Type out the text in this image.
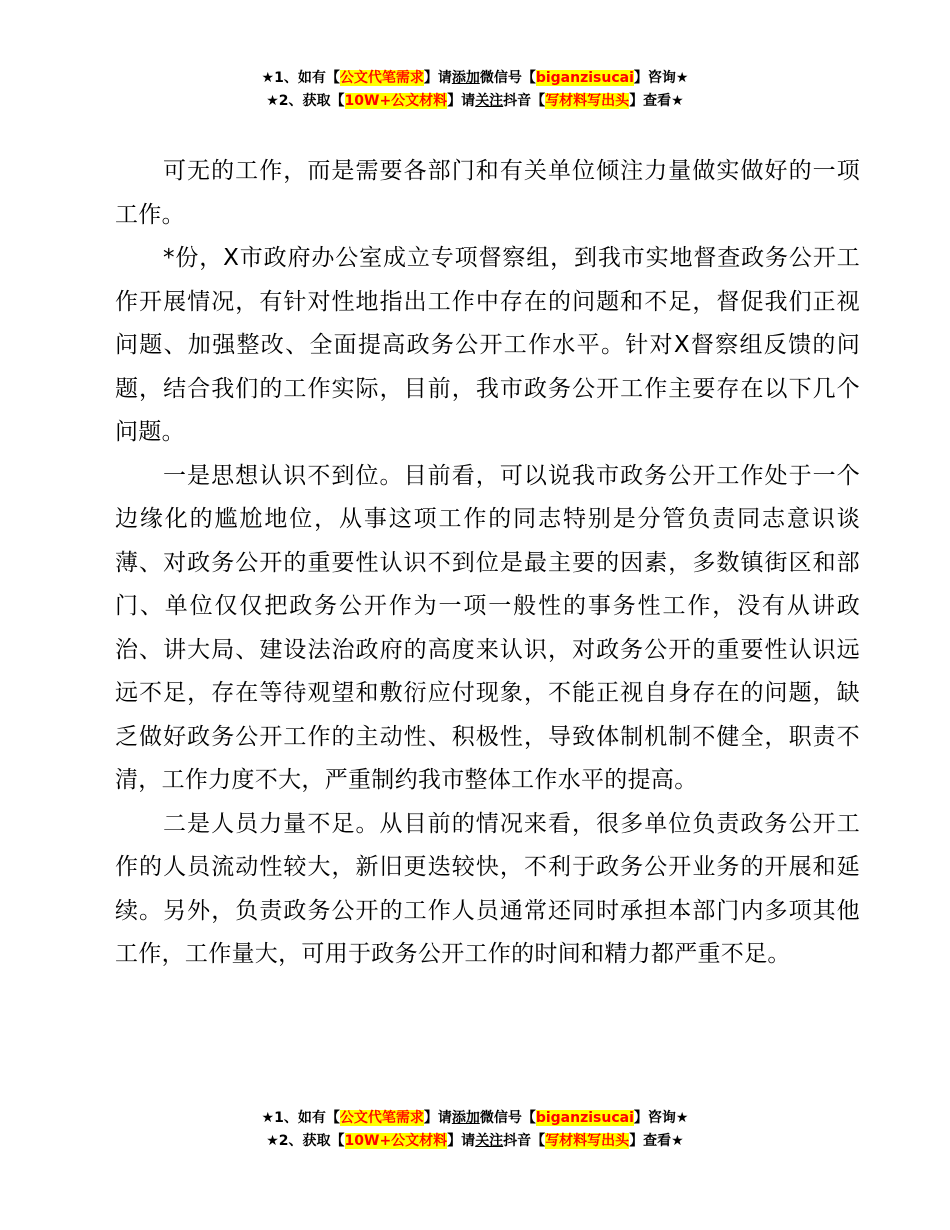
★1、如有【公文代笔需求】请添加微信号【biganzisucai】咨询★
★2、获取【10W+公文材料】请关注抖音【写材料写出头】查看★

可无的工作，而是需要各部门和有关单位倾注力量做实做好的一项工作。

*份，X市政府办公室成立专项督察组，到我市实地督查政务公开工作开展情况，有针对性地指出工作中存在的问题和不足，督促我们正视问题、加强整改、全面提高政务公开工作水平。针对X督察组反馈的问题，结合我们的工作实际，目前，我市政务公开工作主要存在以下几个问题。

一是思想认识不到位。目前看，可以说我市政务公开工作处于一个边缘化的尴尬地位，从事这项工作的同志特别是分管负责同志意识谈薄、对政务公开的重要性认识不到位是最主要的因素，多数镇街区和部门、单位仅仅把政务公开作为一项一般性的事务性工作，没有从讲政治、讲大局、建设法治政府的高度来认识，对政务公开的重要性认识远远不足，存在等待观望和敷衍应付现象，不能正视自身存在的问题，缺乏做好政务公开工作的主动性、积极性，导致体制机制不健全，职责不清，工作力度不大，严重制约我市整体工作水平的提高。

二是人员力量不足。从目前的情况来看，很多单位负责政务公开工作的人员流动性较大，新旧更迭较快，不利于政务公开业务的开展和延续。另外，负责政务公开的工作人员通常还同时承担本部门内多项其他工作，工作量大，可用于政务公开工作的时间和精力都严重不足。

★1、如有【公文代笔需求】请添加微信号【biganzisucai】咨询★
★2、获取【10W+公文材料】请关注抖音【写材料写出头】查看★
